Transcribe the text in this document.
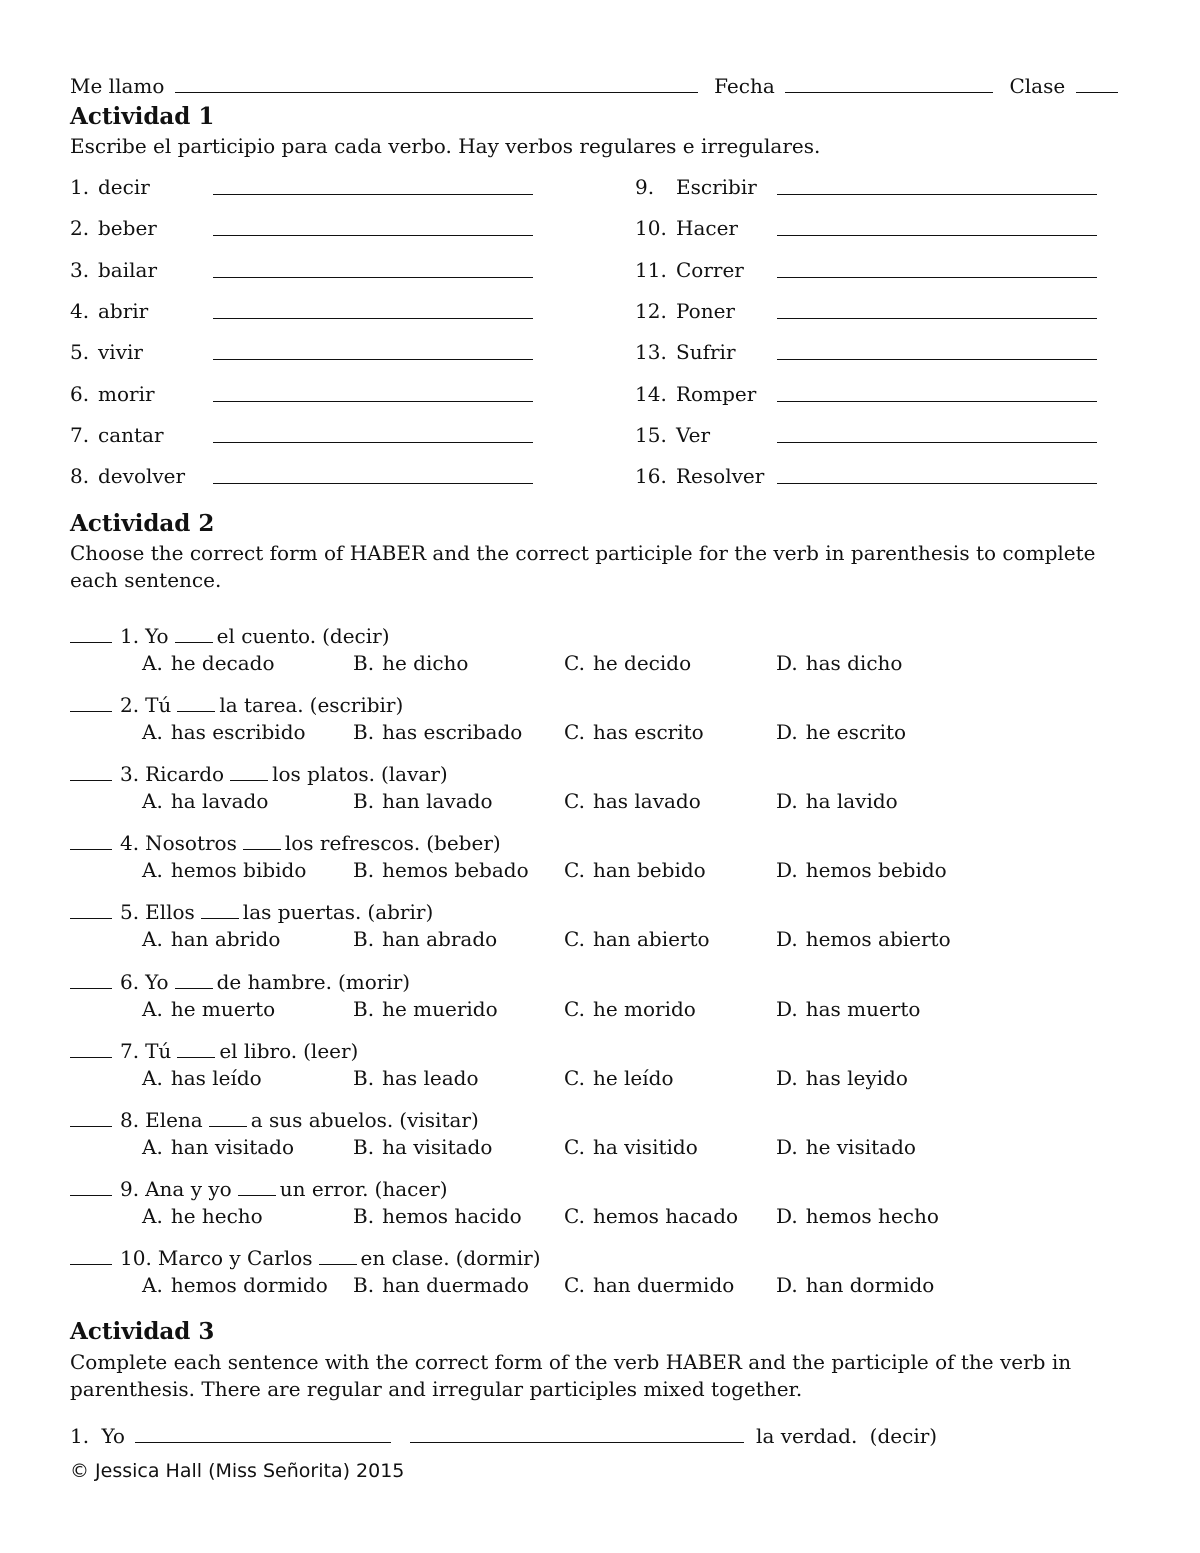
Me llamo	Fecha	Clase
Actividad 1
Escribe el participio para cada verbo. Hay verbos regulares e irregulares.
1. decir
2. beber
3. bailar
4. abrir
5. vivir
6. morir
7. cantar
8. devolver
9. Escribir
10. Hacer
11. Correr
12. Poner
13. Sufrir
14. Romper
15. Ver
16. Resolver
Actividad 2
Choose the correct form of HABER and the correct participle for the verb in parenthesis to complete each sentence.
1. Yo el cuento. (decir)
A. he decado	B. he dicho	C. he decido	D. has dicho
2. Tú la tarea. (escribir)
A. has escribido B. has escribado C. has escrito	D. he escrito
3. Ricardo los platos. (lavar)
A. ha lavado	B. han lavado	C. has lavado	D. ha lavido
4. Nosotros los refrescos. (beber)
A. hemos bibido B. hemos bebado C. han bebido	D. hemos bebido
5. Ellos las puertas. (abrir)
A. han abrido	B. han abrado	C. han abierto	D. hemos abierto
6. Yo de hambre. (morir)
A. he muerto	B. he muerido	C. he morido	D. has muerto
7. Tú el libro. (leer)
A. has leído	B. has leado	C. he leído	D. has leyido
8. Elena a sus abuelos. (visitar)
A. han visitado	B. ha visitado	C. ha visitido	D. he visitado
9. Ana y yo un error. (hacer)
A. he hecho	B. hemos hacido C. hemos hacado D. hemos hecho
10. Marco y Carlos en clase. (dormir)
A. hemos dormido B. han duermado C. han duermido D. han dormido
Actividad 3
Complete each sentence with the correct form of the verb HABER and the participle of the verb in parenthesis. There are regular and irregular participles mixed together.
1. Yo	la verdad. (decir)
© Jessica Hall (Miss Señorita) 2015
